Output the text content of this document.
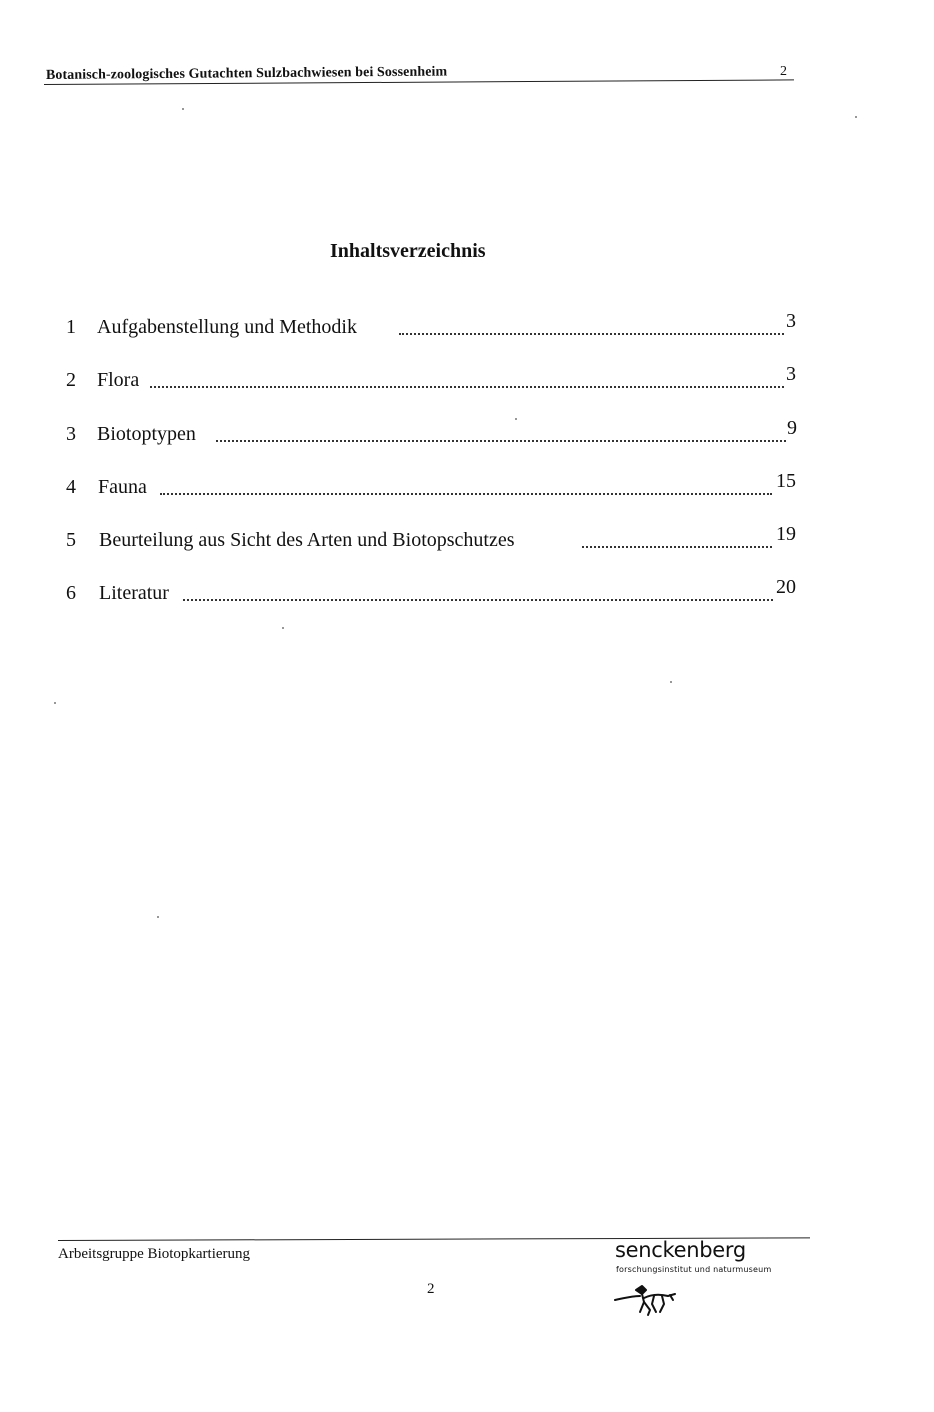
Botanisch-zoologisches Gutachten Sulzbachwiesen bei Sossenheim	2
Inhaltsverzeichnis
1 Aufgabenstellung und Methodik	3
2 Flora	3
3 Biotoptypen	9
4 Fauna	15
5 Beurteilung aus Sicht des Arten und Biotopschutzes	19
6 Literatur	20
Arbeitsgruppe Biotopkartierung
2
senckenberg
forschungsinstitut und naturmuseum
